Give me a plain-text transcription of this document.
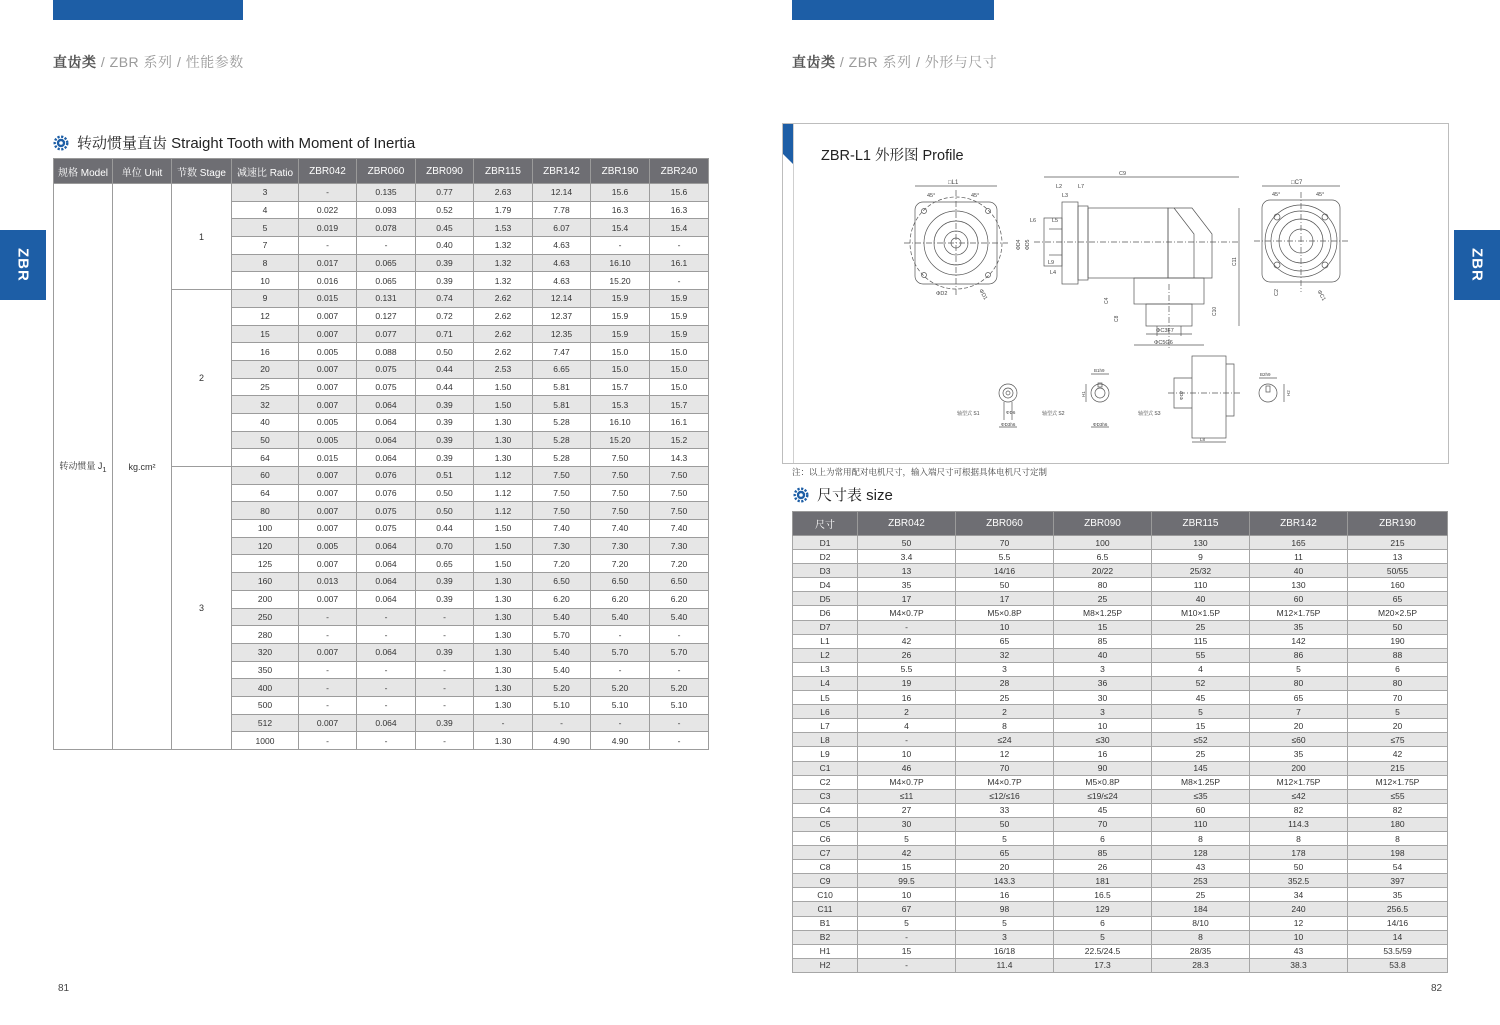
直齿类 / ZBR 系列 / 性能参数
ZBR
转动惯量直齿 Straight Tooth with Moment of Inertia
规格 Model	单位 Unit	节数 Stage	减速比 Ratio	ZBR042	ZBR060	ZBR090	ZBR115	ZBR142	ZBR190	ZBR240
转动惯量 $J_1$	kg.cm²	1	3	-	0.135	0.77	2.63	12.14	15.6	15.6
			4	0.022	0.093	0.52	1.79	7.78	16.3	16.3
			5	0.019	0.078	0.45	1.53	6.07	15.4	15.4
			7	-	-	0.40	1.32	4.63	-	-
			8	0.017	0.065	0.39	1.32	4.63	16.10	16.1
			10	0.016	0.065	0.39	1.32	4.63	15.20	-
		2	9	0.015	0.131	0.74	2.62	12.14	15.9	15.9
			12	0.007	0.127	0.72	2.62	12.37	15.9	15.9
			15	0.007	0.077	0.71	2.62	12.35	15.9	15.9
			16	0.005	0.088	0.50	2.62	7.47	15.0	15.0
			20	0.007	0.075	0.44	2.53	6.65	15.0	15.0
			25	0.007	0.075	0.44	1.50	5.81	15.7	15.0
			32	0.007	0.064	0.39	1.50	5.81	15.3	15.7
			40	0.005	0.064	0.39	1.30	5.28	16.10	16.1
			50	0.005	0.064	0.39	1.30	5.28	15.20	15.2
			64	0.015	0.064	0.39	1.30	5.28	7.50	14.3
		3	60	0.007	0.076	0.51	1.12	7.50	7.50	7.50
			64	0.007	0.076	0.50	1.12	7.50	7.50	7.50
			80	0.007	0.075	0.50	1.12	7.50	7.50	7.50
			100	0.007	0.075	0.44	1.50	7.40	7.40	7.40
			120	0.005	0.064	0.70	1.50	7.30	7.30	7.30
			125	0.007	0.064	0.65	1.50	7.20	7.20	7.20
			160	0.013	0.064	0.39	1.30	6.50	6.50	6.50
			200	0.007	0.064	0.39	1.30	6.20	6.20	6.20
			250	-	-	-	1.30	5.40	5.40	5.40
			280	-	-	-	1.30	5.70	-	-
			320	0.007	0.064	0.39	1.30	5.40	5.70	5.70
			350	-	-	-	1.30	5.40	-	-
			400	-	-	-	1.30	5.20	5.20	5.20
			500	-	-	-	1.30	5.10	5.10	5.10
			512	0.007	0.064	0.39	-	-	-	-
			1000	-	-	-	1.30	4.90	4.90	-
81
直齿类 / ZBR 系列 / 外形与尺寸
ZBR
ZBR-L1 外形图 Profile
□L1
45°	45°
ΦD2	ΦD1
C9
L2	L7
L3
L6	L5
ΦD4 ΦD5
L9
L4
C11
C4
C8
C10
ΦC3F7
ΦC5G6
□C7
45°	45°
C2	ΦC1
ΦD6
ΦD3h6
轴型式 S1
B1h9
H1
ΦD3h6
轴型式 S2
ΦD7
L8
轴型式 S3
B2h9
H2
注：以上为常用配对电机尺寸，输入端尺寸可根据具体电机尺寸定制
尺寸表 size
尺寸	ZBR042	ZBR060	ZBR090	ZBR115	ZBR142	ZBR190
D1	50	70	100	130	165	215
D2	3.4	5.5	6.5	9	11	13
D3	13	14/16	20/22	25/32	40	50/55
D4	35	50	80	110	130	160
D5	17	17	25	40	60	65
D6	M4×0.7P	M5×0.8P	M8×1.25P	M10×1.5P	M12×1.75P	M20×2.5P
D7	-	10	15	25	35	50
L1	42	65	85	115	142	190
L2	26	32	40	55	86	88
L3	5.5	3	3	4	5	6
L4	19	28	36	52	80	80
L5	16	25	30	45	65	70
L6	2	2	3	5	7	5
L7	4	8	10	15	20	20
L8	-	≤24	≤30	≤52	≤60	≤75
L9	10	12	16	25	35	42
C1	46	70	90	145	200	215
C2	M4×0.7P	M4×0.7P	M5×0.8P	M8×1.25P	M12×1.75P	M12×1.75P
C3	≤11	≤12/≤16	≤19/≤24	≤35	≤42	≤55
C4	27	33	45	60	82	82
C5	30	50	70	110	114.3	180
C6	5	5	6	8	8	8
C7	42	65	85	128	178	198
C8	15	20	26	43	50	54
C9	99.5	143.3	181	253	352.5	397
C10	10	16	16.5	25	34	35
C11	67	98	129	184	240	256.5
B1	5	5	6	8/10	12	14/16
B2	-	3	5	8	10	14
H1	15	16/18	22.5/24.5	28/35	43	53.5/59
H2	-	11.4	17.3	28.3	38.3	53.8
82
